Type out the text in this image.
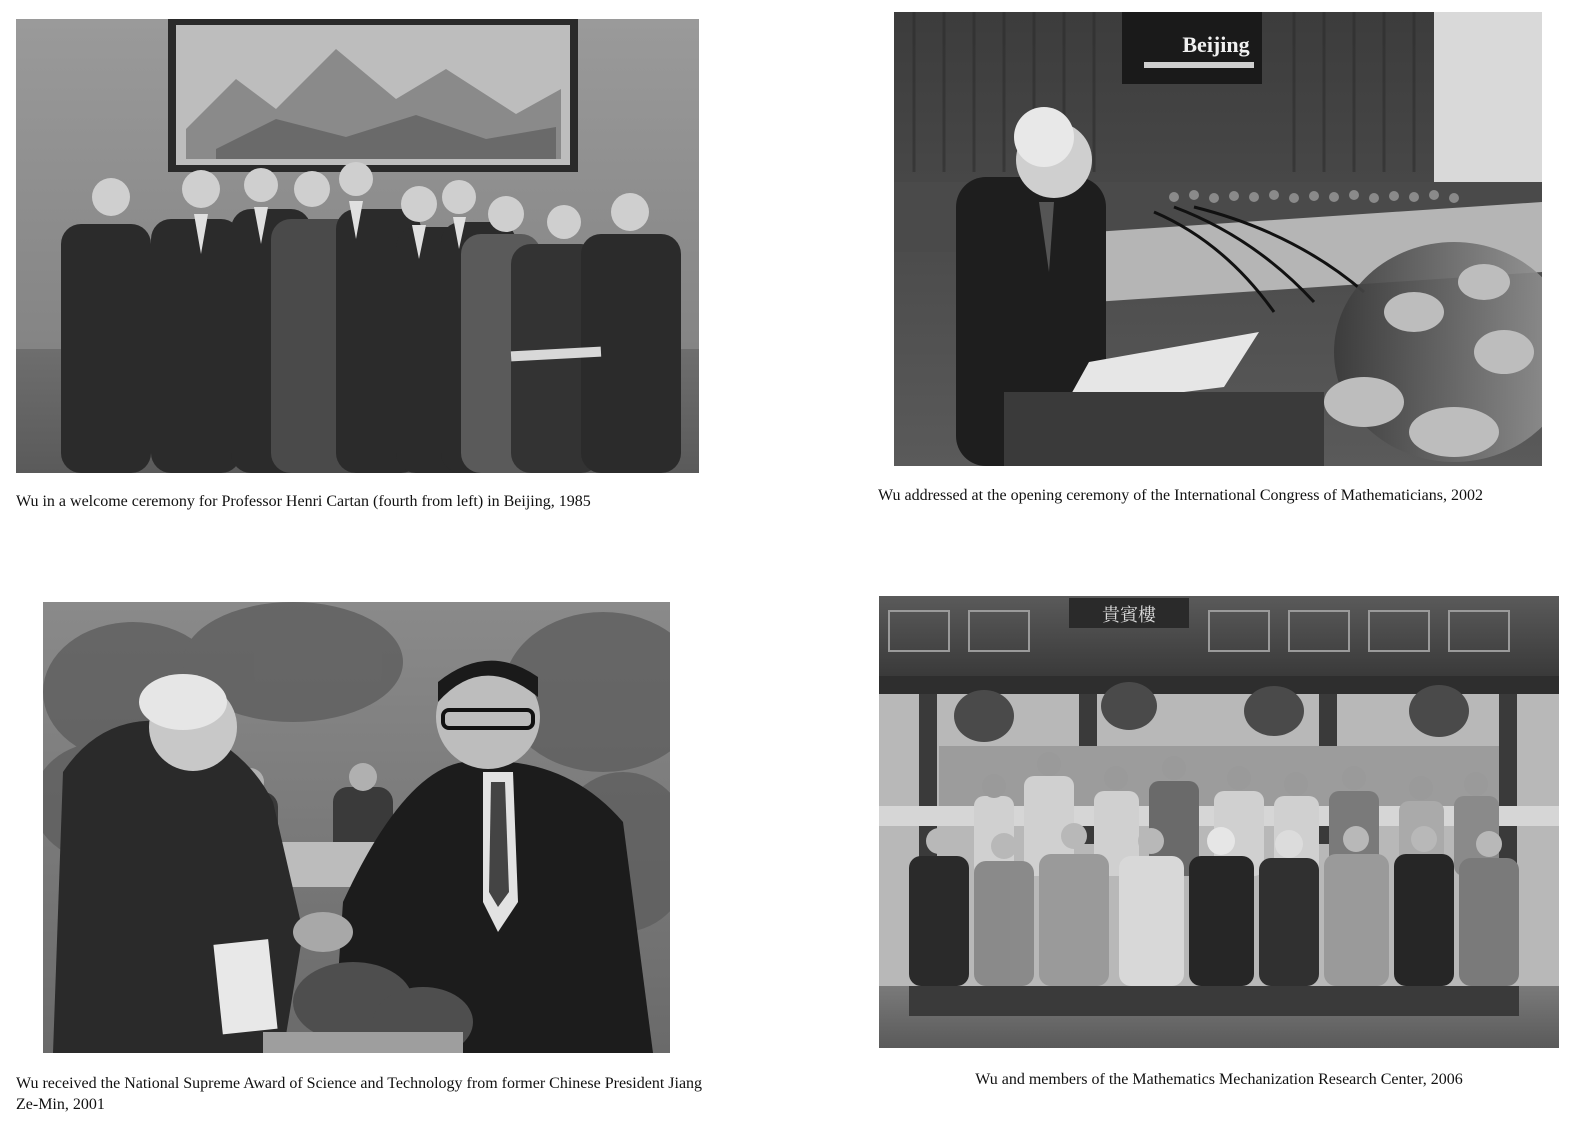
Beijing
貴賓樓
Wu in a welcome ceremony for Professor Henri Cartan (fourth from left) in Beijing, 1985	Wu addressed at the opening ceremony of the International Congress of Mathematicians, 2002
Wu received the National Supreme Award of Science and Technology from former Chinese President Jiang Ze-Min, 2001
Wu and members of the Mathematics Mechanization Research Center, 2006
